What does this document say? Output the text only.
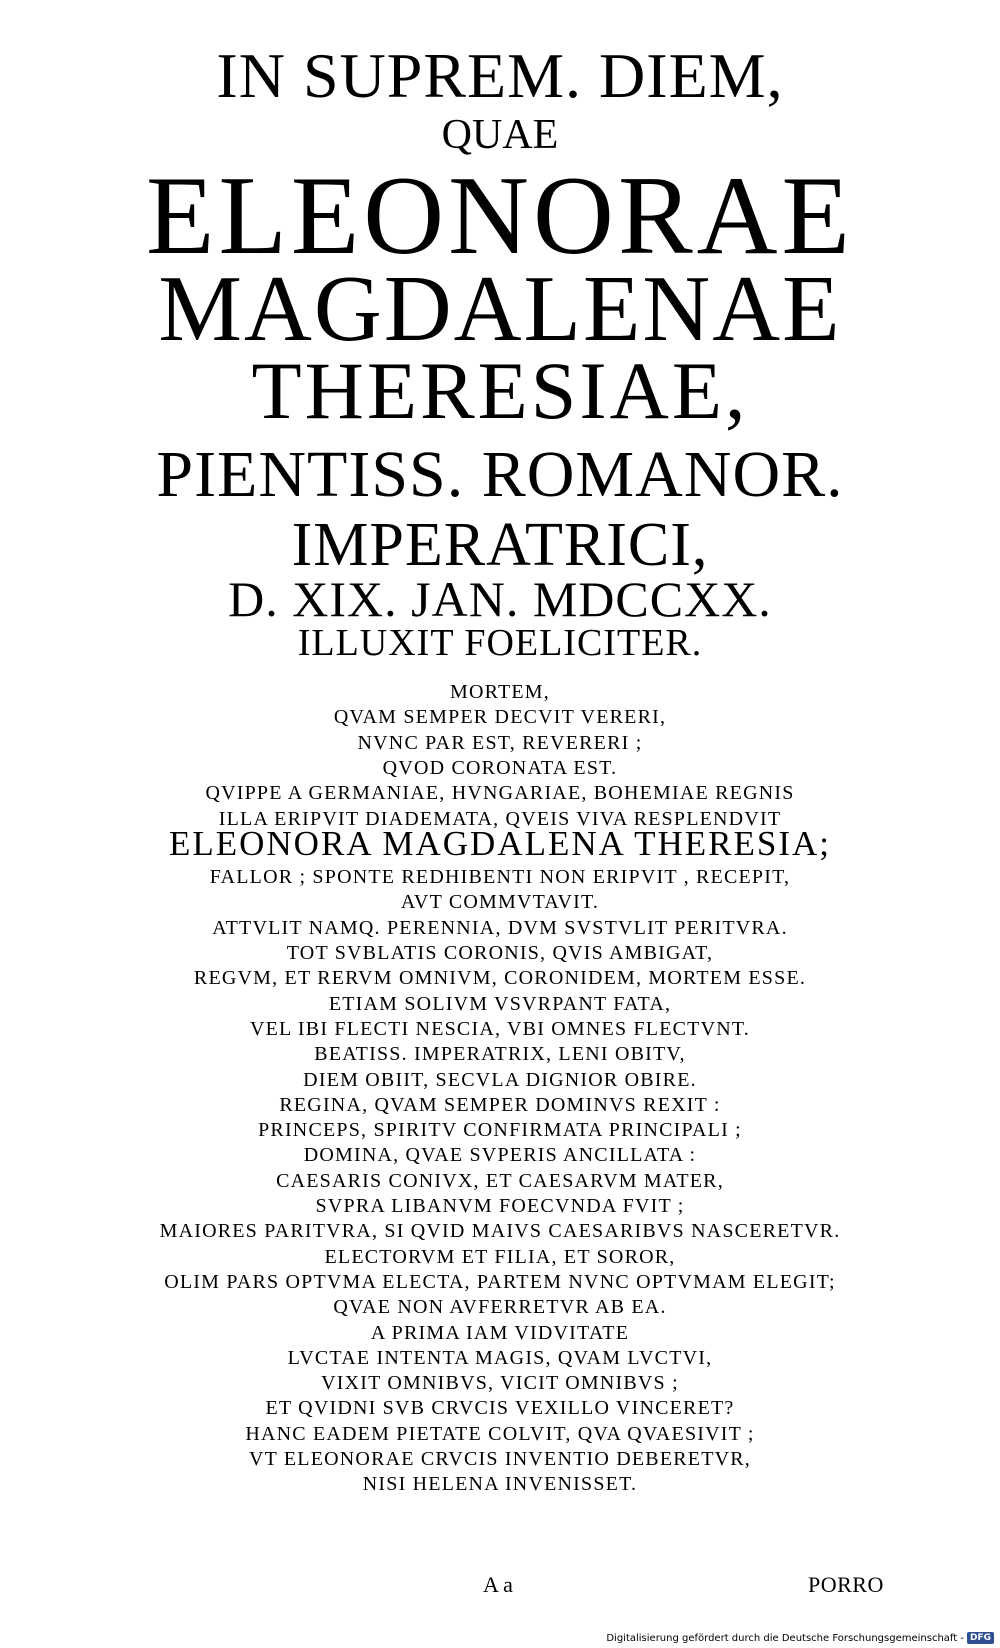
IN SUPREM. DIEM,
QUAE
ELEONORAE
MAGDALENAE
THERESIAE,
PIENTISS. ROMANOR.
IMPERATRICI,
D. XIX. JAN. MDCCXX.
ILLUXIT FOELICITER.
MORTEM,
QVAM SEMPER DECVIT VERERI,
NVNC PAR EST, REVERERI ;
QVOD CORONATA EST.
QVIPPE A GERMANIAE, HVNGARIAE, BOHEMIAE REGNIS
ILLA ERIPVIT DIADEMATA, QVEIS VIVA RESPLENDVIT
ELEONORA MAGDALENA THERESIA;
FALLOR ; SPONTE REDHIBENTI NON ERIPVIT , RECEPIT,
AVT COMMVTAVIT.
ATTVLIT NAMQ. PERENNIA, DVM SVSTVLIT PERITVRA.
TOT SVBLATIS CORONIS, QVIS AMBIGAT,
REGVM, ET RERVM OMNIVM, CORONIDEM, MORTEM ESSE.
ETIAM SOLIVM VSVRPANT FATA,
VEL IBI FLECTI NESCIA, VBI OMNES FLECTVNT.
BEATISS. IMPERATRIX, LENI OBITV,
DIEM OBIIT, SECVLA DIGNIOR OBIRE.
REGINA, QVAM SEMPER DOMINVS REXIT :
PRINCEPS, SPIRITV CONFIRMATA PRINCIPALI ;
DOMINA, QVAE SVPERIS ANCILLATA :
CAESARIS CONIVX, ET CAESARVM MATER,
SVPRA LIBANVM FOECVNDA FVIT ;
MAIORES PARITVRA, SI QVID MAIVS CAESARIBVS NASCERETVR.
ELECTORVM ET FILIA, ET SOROR,
OLIM PARS OPTVMA ELECTA, PARTEM NVNC OPTVMAM ELEGIT;
QVAE NON AVFERRETVR AB EA.
A PRIMA IAM VIDVITATE
LVCTAE INTENTA MAGIS, QVAM LVCTVI,
VIXIT OMNIBVS, VICIT OMNIBVS ;
ET QVIDNI SVB CRVCIS VEXILLO VINCERET?
HANC EADEM PIETATE COLVIT, QVA QVAESIVIT ;
VT ELEONORAE CRVCIS INVENTIO DEBERETVR,
NISI HELENA INVENISSET.
A a	PORRO
Digitalisierung gefördert durch die Deutsche Forschungsgemeinschaft - DFG
